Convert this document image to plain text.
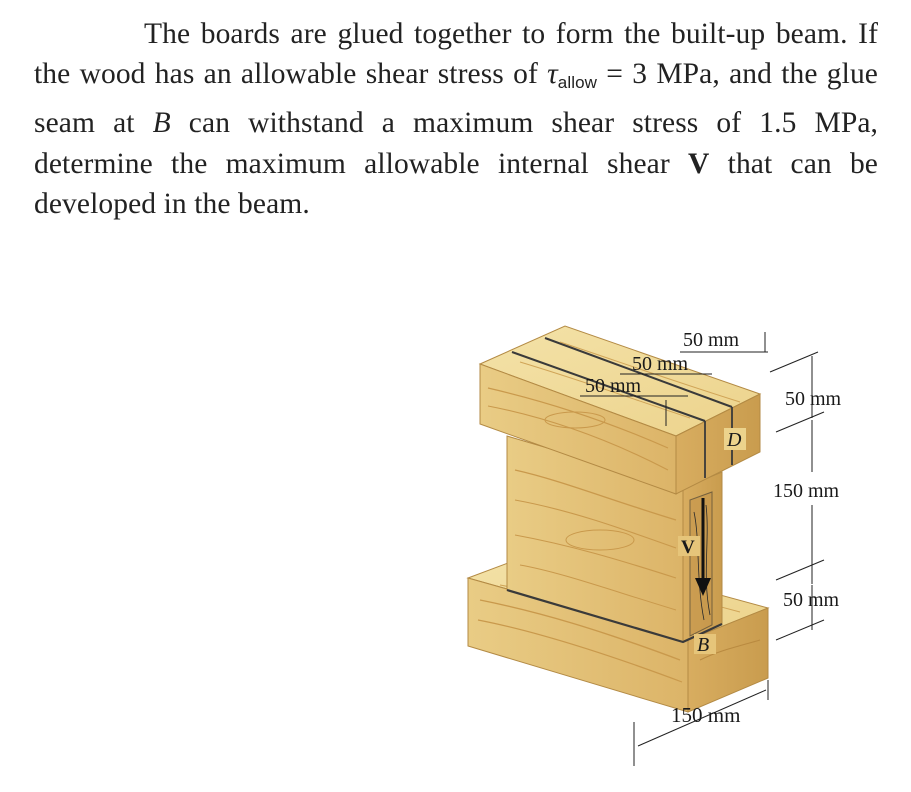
The boards are glued together to form the built-up beam. If the wood has an allowable shear stress of $\tau_{allow} = 3$ MPa, and the glue seam at B can withstand a maximum shear stress of 1.5 MPa, determine the maximum allowable internal shear V that can be developed in the beam.
V
D
B
50 mm
50 mm
50 mm
50 mm
150 mm
50 mm
150 mm
